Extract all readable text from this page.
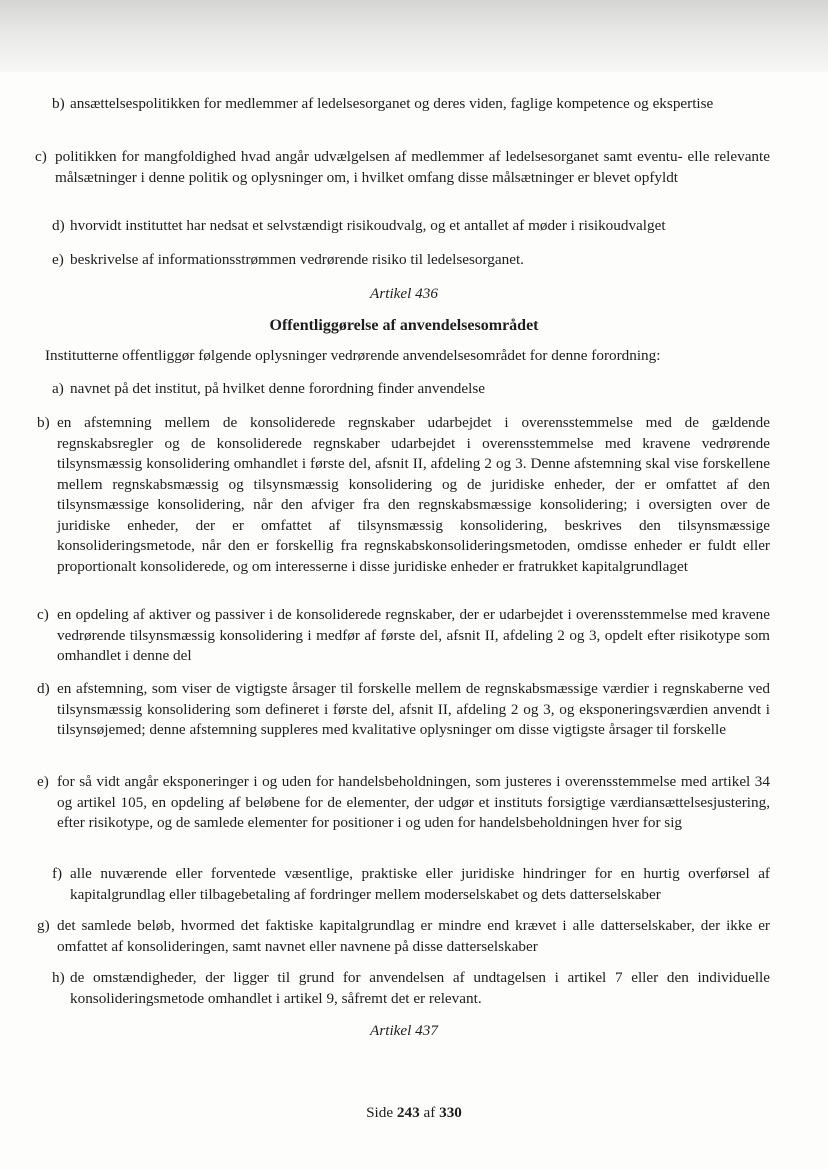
b) ansættelsespolitikken for medlemmer af ledelsesorganet og deres viden, faglige kompetence og ekspertise
c) politikken for mangfoldighed hvad angår udvælgelsen af medlemmer af ledelsesorganet samt eventu- elle relevante målsætninger i denne politik og oplysninger om, i hvilket omfang disse målsætninger er blevet opfyldt
d) hvorvidt instituttet har nedsat et selvstændigt risikoudvalg, og et antallet af møder i risikoudvalget
e) beskrivelse af informationsstrømmen vedrørende risiko til ledelsesorganet.
Artikel 436
Offentliggørelse af anvendelsesområdet
Institutterne offentliggør følgende oplysninger vedrørende anvendelsesområdet for denne forordning:
a) navnet på det institut, på hvilket denne forordning finder anvendelse
b) en afstemning mellem de konsoliderede regnskaber udarbejdet i overensstemmelse med de gældende regnskabsregler og de konsoliderede regnskaber udarbejdet i overensstemmelse med kravene vedrørende tilsynsmæssig konsolidering omhandlet i første del, afsnit II, afdeling 2 og 3. Denne afstemning skal vise forskellene mellem regnskabsmæssig og tilsynsmæssig konsolidering og de juridiske enheder, der er omfattet af den tilsynsmæssige konsolidering, når den afviger fra den regnskabsmæssige konsolidering; i oversigten over de juridiske enheder, der er omfattet af tilsynsmæssig konsolidering, beskrives den tilsynsmæssige konsolideringsmetode, når den er forskellig fra regnskabskonsolideringsmetoden, omdisse enheder er fuldt eller proportionalt konsoliderede, og om interesserne i disse juridiske enheder er fratrukket kapitalgrundlaget
c) en opdeling af aktiver og passiver i de konsoliderede regnskaber, der er udarbejdet i overensstemmelse med kravene vedrørende tilsynsmæssig konsolidering i medfør af første del, afsnit II, afdeling 2 og 3, opdelt efter risikotype som omhandlet i denne del
d) en afstemning, som viser de vigtigste årsager til forskelle mellem de regnskabsmæssige værdier i regnskaberne ved tilsynsmæssig konsolidering som defineret i første del, afsnit II, afdeling 2 og 3, og eksponeringsværdien anvendt i tilsynsøjemed; denne afstemning suppleres med kvalitative oplysninger om disse vigtigste årsager til forskelle
e) for så vidt angår eksponeringer i og uden for handelsbeholdningen, som justeres i overensstemmelse med artikel 34 og artikel 105, en opdeling af beløbene for de elementer, der udgør et instituts forsigtige værdiansættelsesjustering, efter risikotype, og de samlede elementer for positioner i og uden for handelsbeholdningen hver for sig
f) alle nuværende eller forventede væsentlige, praktiske eller juridiske hindringer for en hurtig overførsel af kapitalgrundlag eller tilbagebetaling af fordringer mellem moderselskabet og dets datterselskaber
g) det samlede beløb, hvormed det faktiske kapitalgrundlag er mindre end krævet i alle datterselskaber, der ikke er omfattet af konsolideringen, samt navnet eller navnene på disse datterselskaber
h) de omstændigheder, der ligger til grund for anvendelsen af undtagelsen i artikel 7 eller den individuelle konsolideringsmetode omhandlet i artikel 9, såfremt det er relevant.
Artikel 437
Side 243 af 330
